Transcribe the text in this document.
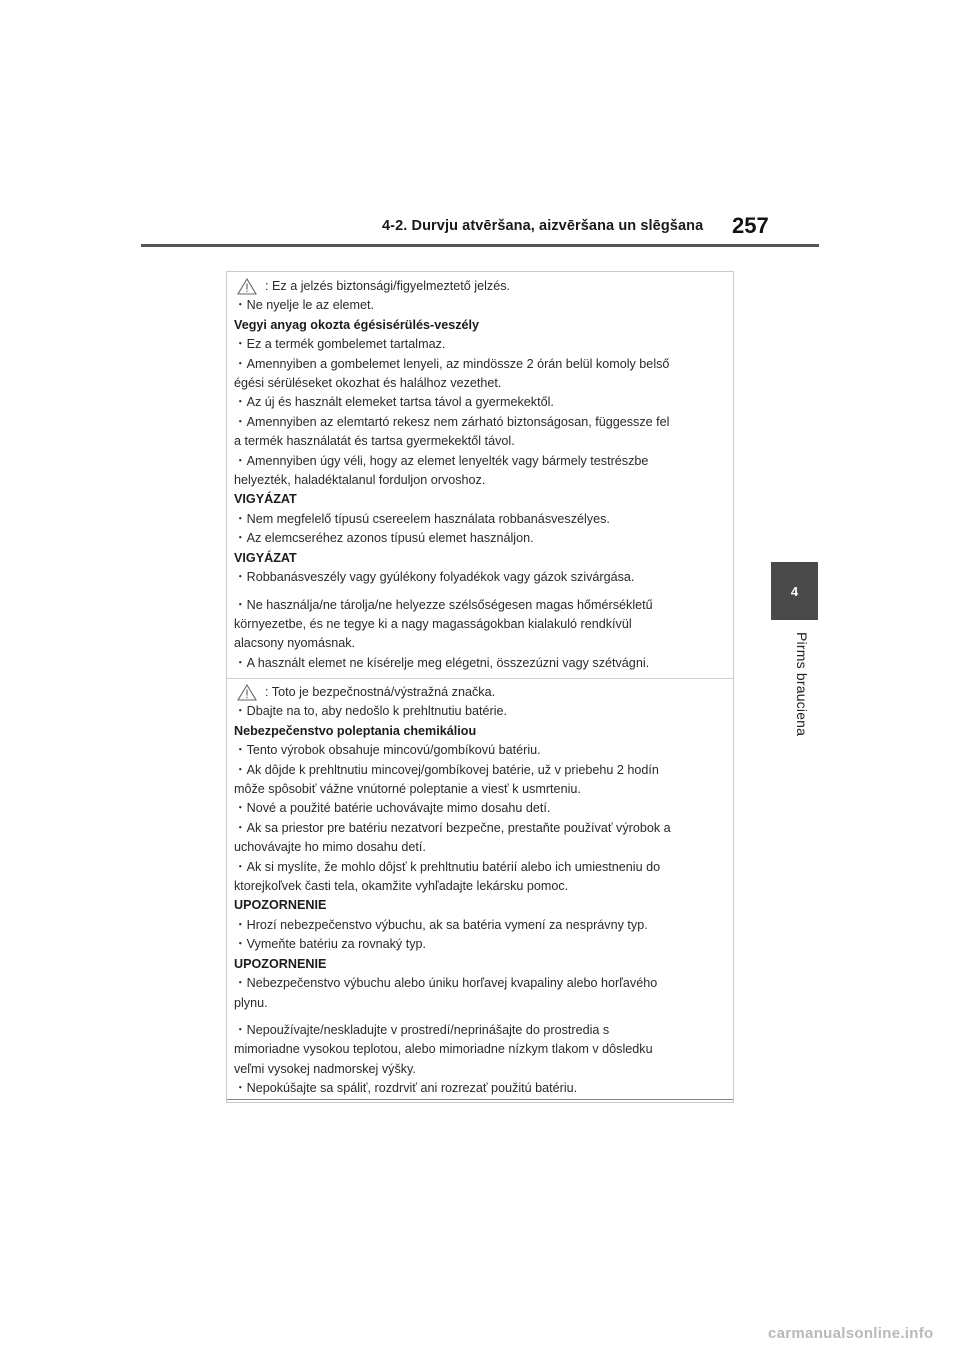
4-2. Durvju atvēršana, aizvēršana un slēgšana 257
4
Pirms brauciena
: Ez a jelzés biztonsági/figyelmeztető jelzés.
・Ne nyelje le az elemet.
Vegyi anyag okozta égésisérülés-veszély
・Ez a termék gombelemet tartalmaz.
・Amennyiben a gombelemet lenyeli, az mindössze 2 órán belül komoly belső
égési sérüléseket okozhat és halálhoz vezethet.
・Az új és használt elemeket tartsa távol a gyermekektől.
・Amennyiben az elemtartó rekesz nem zárható biztonságosan, függessze fel
a termék használatát és tartsa gyermekektől távol.
・Amennyiben úgy véli, hogy az elemet lenyelték vagy bármely testrészbe
helyezték, haladéktalanul forduljon orvoshoz.
VIGYÁZAT
・Nem megfelelő típusú csereelem használata robbanásveszélyes.
・Az elemcseréhez azonos típusú elemet használjon.
VIGYÁZAT
・Robbanásveszély vagy gyúlékony folyadékok vagy gázok szivárgása.
・Ne használja/ne tárolja/ne helyezze szélsőségesen magas hőmérsékletű
környezetbe, és ne tegye ki a nagy magasságokban kialakuló rendkívül
alacsony nyomásnak.
・A használt elemet ne kísérelje meg elégetni, összezúzni vagy szétvágni.
: Toto je bezpečnostná/výstražná značka.
・Dbajte na to, aby nedošlo k prehltnutiu batérie.
Nebezpečenstvo poleptania chemikáliou
・Tento výrobok obsahuje mincovú/gombíkovú batériu.
・Ak dôjde k prehltnutiu mincovej/gombíkovej batérie, už v priebehu 2 hodín
môže spôsobiť vážne vnútorné poleptanie a viesť k usmrteniu.
・Nové a použité batérie uchovávajte mimo dosahu detí.
・Ak sa priestor pre batériu nezatvorí bezpečne, prestaňte používať výrobok a
uchovávajte ho mimo dosahu detí.
・Ak si myslíte, že mohlo dôjsť k prehltnutiu batérií alebo ich umiestneniu do
ktorejkoľvek časti tela, okamžite vyhľadajte lekársku pomoc.
UPOZORNENIE
・Hrozí nebezpečenstvo výbuchu, ak sa batéria vymení za nesprávny typ.
・Vymeňte batériu za rovnaký typ.
UPOZORNENIE
・Nebezpečenstvo výbuchu alebo úniku horľavej kvapaliny alebo horľavého
plynu.
・Nepoužívajte/neskladujte v prostredí/neprinášajte do prostredia s
mimoriadne vysokou teplotou, alebo mimoriadne nízkym tlakom v dôsledku
veľmi vysokej nadmorskej výšky.
・Nepokúšajte sa spáliť, rozdrviť ani rozrezať použitú batériu.
carmanualsonline.info
